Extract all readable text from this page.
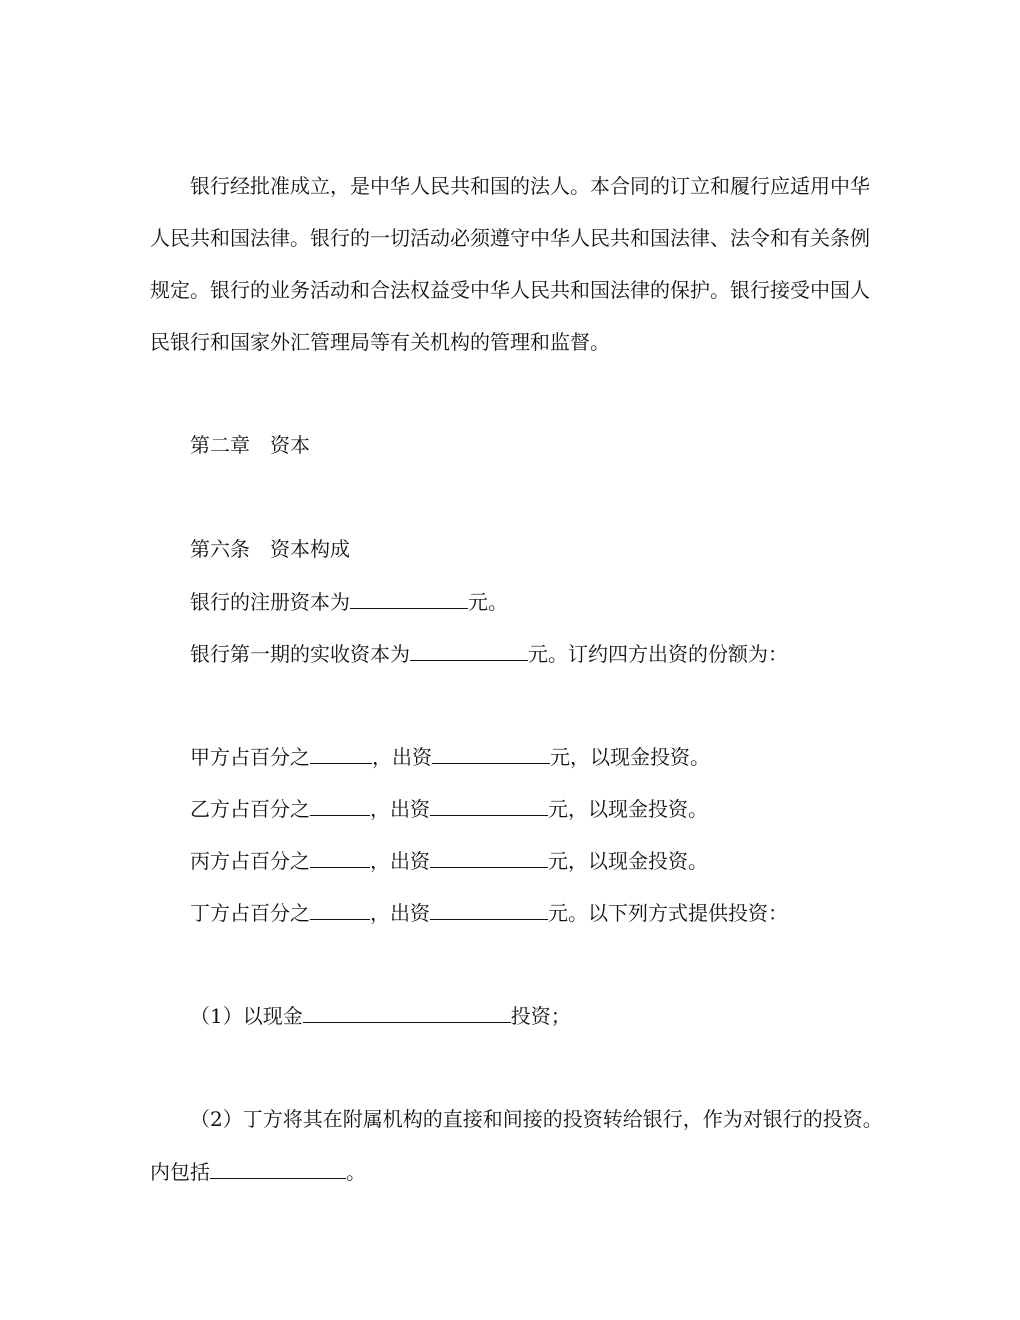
银行经批准成立，是中华人民共和国的法人。本合同的订立和履行应适用中华
人民共和国法律。银行的一切活动必须遵守中华人民共和国法律、法令和有关条例
规定。银行的业务活动和合法权益受中华人民共和国法律的保护。银行接受中国人
民银行和国家外汇管理局等有关机构的管理和监督。
第二章 资本
第六条 资本构成
银行的注册资本为	元。
银行第一期的实收资本为	元。订约四方出资的份额为：
甲方占百分之	，出资	元，以现金投资。
乙方占百分之	，出资	元，以现金投资。
丙方占百分之	，出资	元，以现金投资。
丁方占百分之	，出资	元。以下列方式提供投资：
（1）以现金	投资；
（2）丁方将其在附属机构的直接和间接的投资转给银行，作为对银行的投资。
内包括	。
